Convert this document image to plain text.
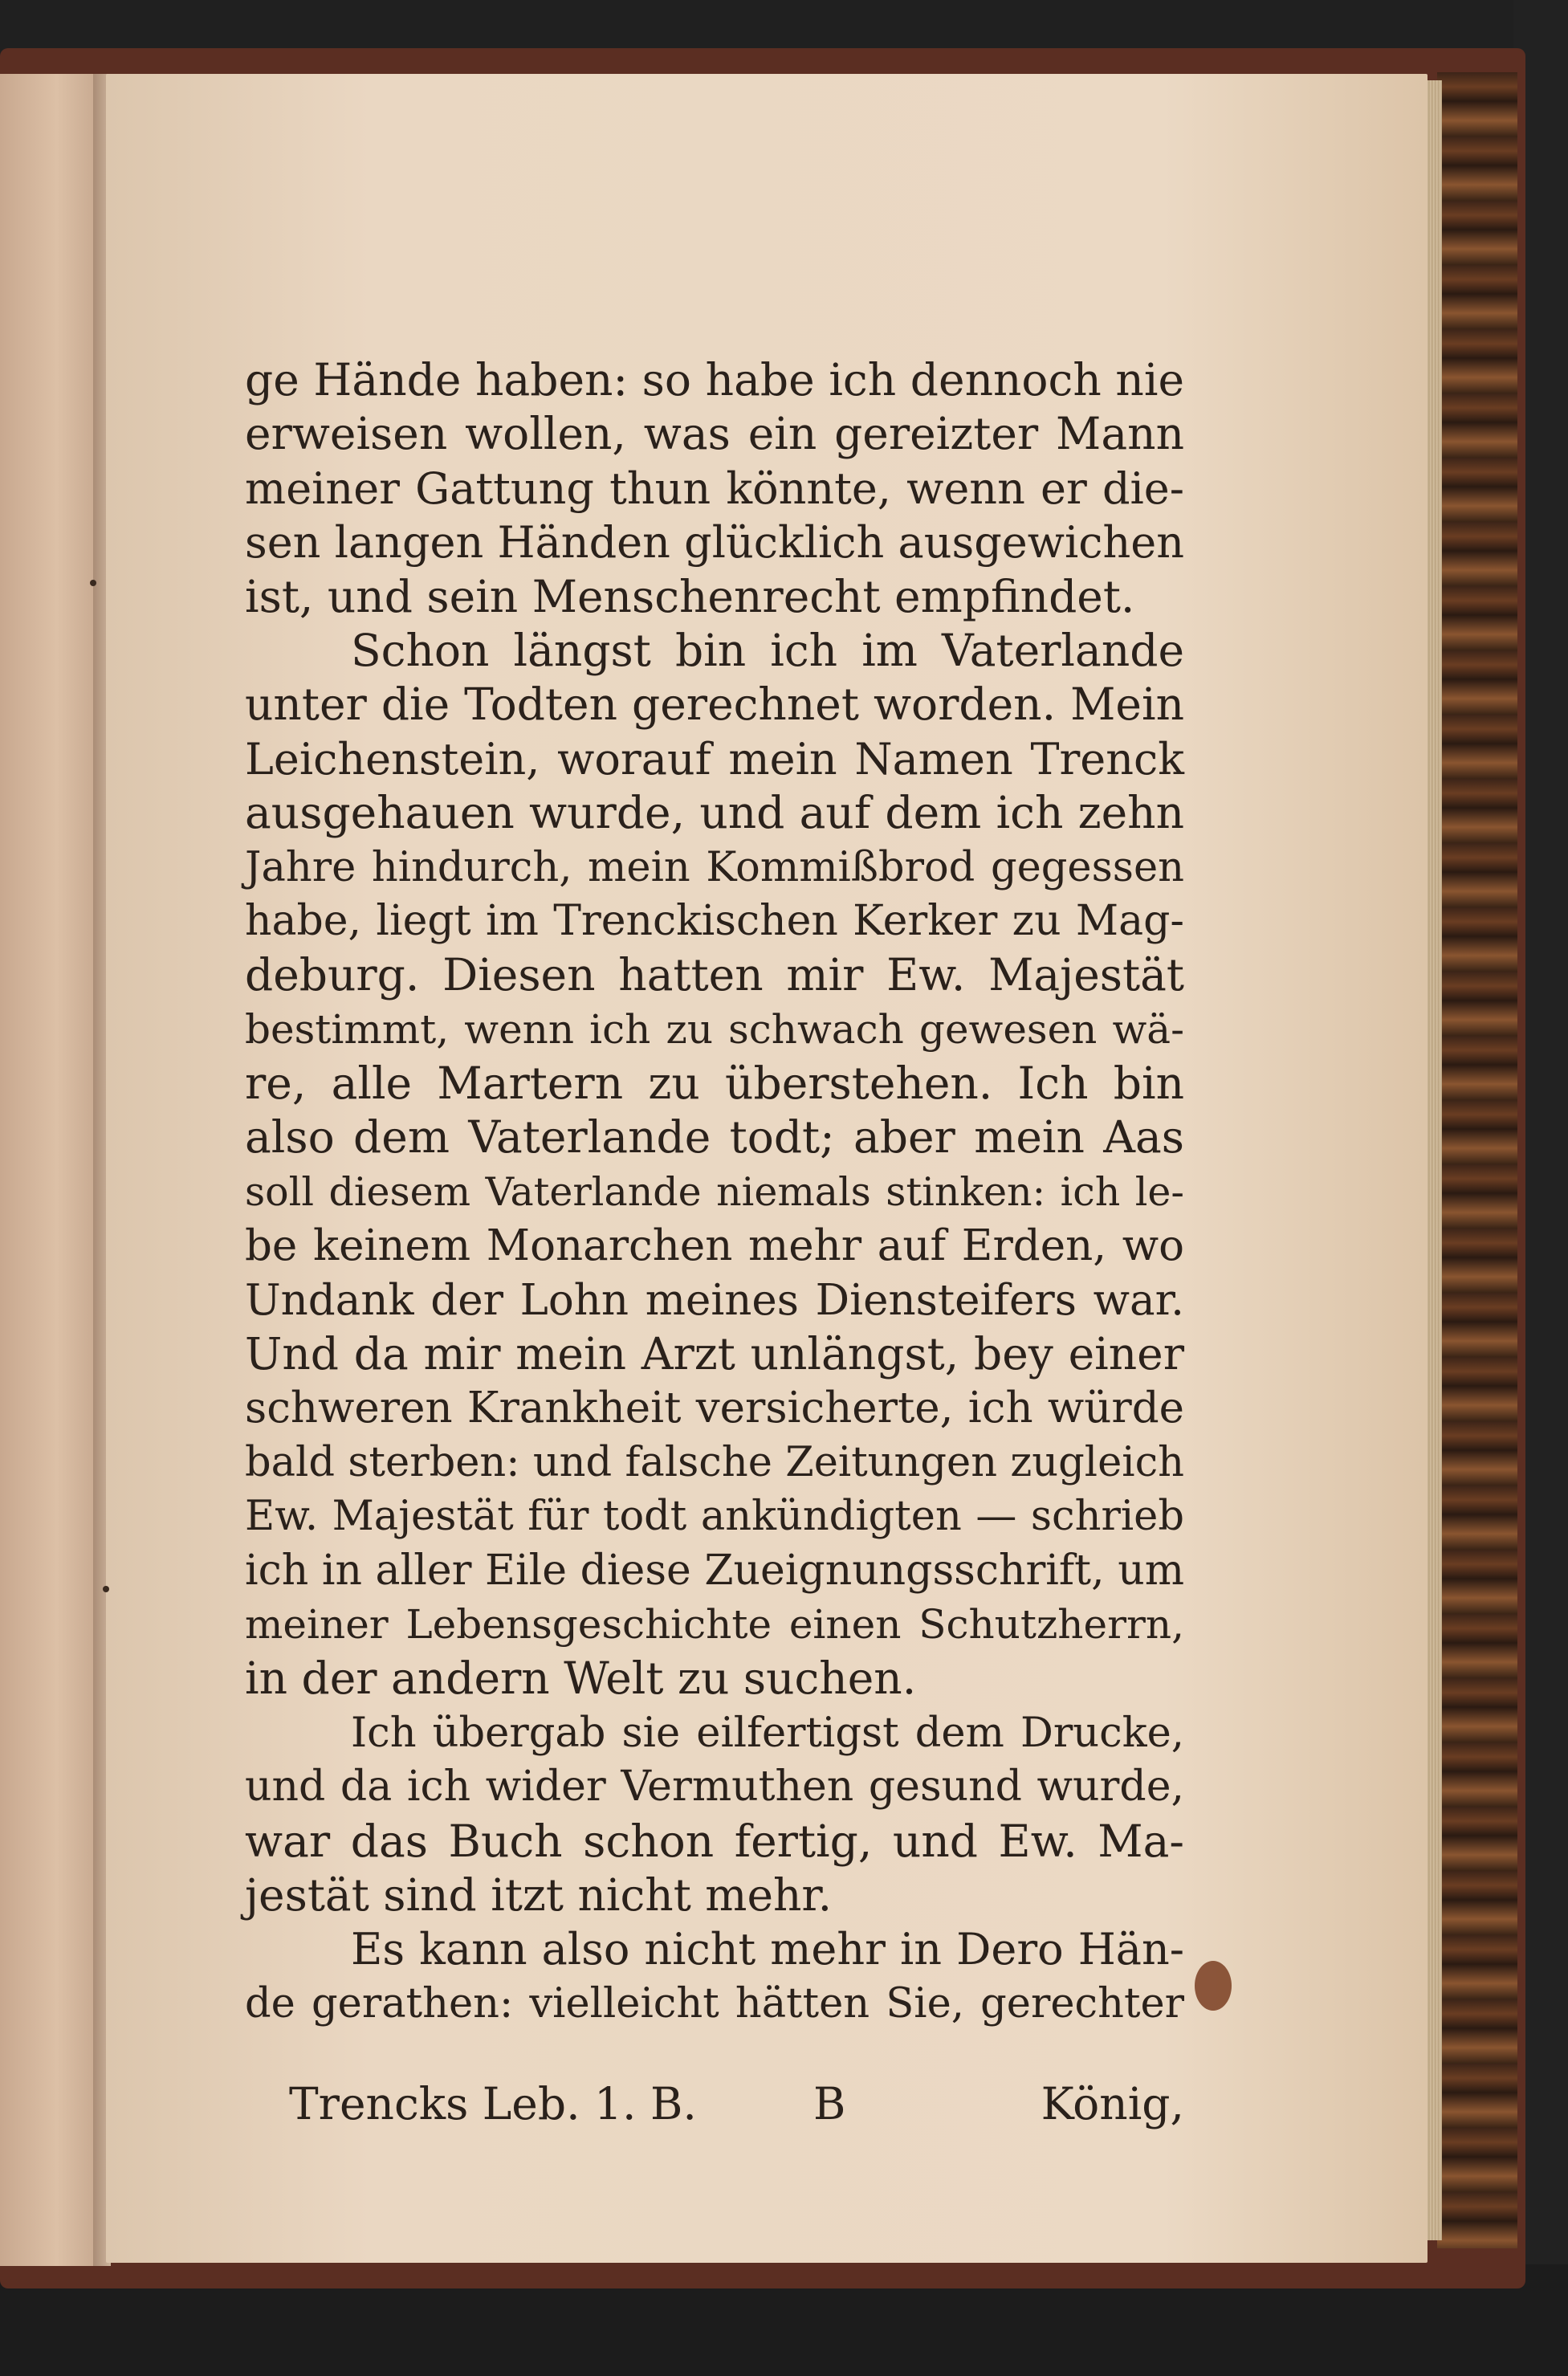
ge Hände haben: so habe ich dennoch nie
erweisen wollen, was ein gereizter Mann
meiner Gattung thun könnte, wenn er die-
sen langen Händen glücklich ausgewichen
ist, und sein Menschenrecht empfindet.
Schon längst bin ich im Vaterlande
unter die Todten gerechnet worden. Mein
Leichenstein, worauf mein Namen Trenck
ausgehauen wurde, und auf dem ich zehn
Jahre hindurch, mein Kommißbrod gegessen
habe, liegt im Trenckischen Kerker zu Mag-
deburg. Diesen hatten mir Ew. Majestät
bestimmt, wenn ich zu schwach gewesen wä-
re, alle Martern zu überstehen. Ich bin
also dem Vaterlande todt; aber mein Aas
soll diesem Vaterlande niemals stinken: ich le-
be keinem Monarchen mehr auf Erden, wo
Undank der Lohn meines Diensteifers war.
Und da mir mein Arzt unlängst, bey einer
schweren Krankheit versicherte, ich würde
bald sterben: und falsche Zeitungen zugleich
Ew. Majestät für todt ankündigten — schrieb
ich in aller Eile diese Zueignungsschrift, um
meiner Lebensgeschichte einen Schutzherrn,
in der andern Welt zu suchen.
Ich übergab sie eilfertigst dem Drucke,
und da ich wider Vermuthen gesund wurde,
war das Buch schon fertig, und Ew. Ma-
jestät sind itzt nicht mehr.
Es kann also nicht mehr in Dero Hän-
de gerathen: vielleicht hätten Sie, gerechter
Trencks Leb. 1. B.	B	König,
